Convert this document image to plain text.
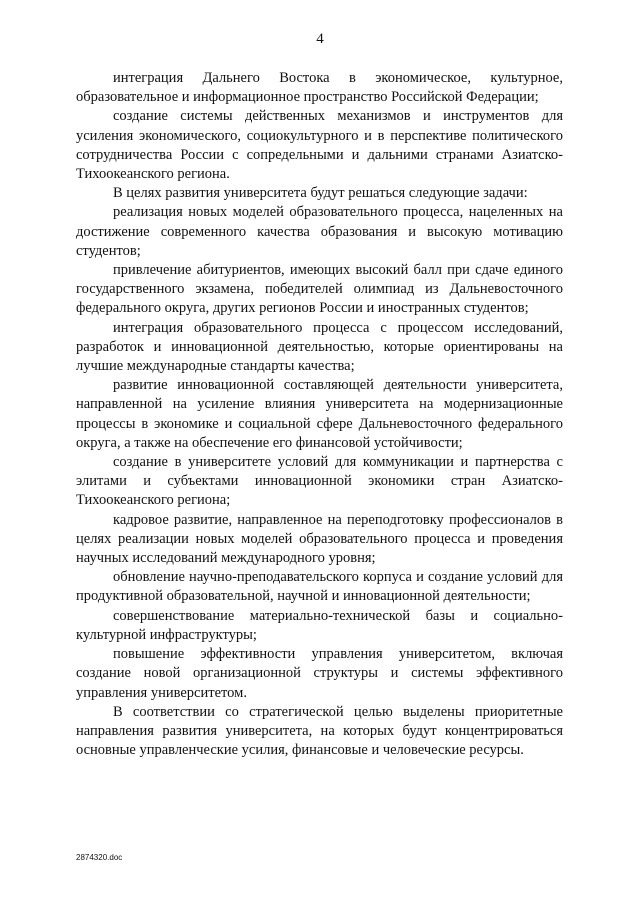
4

интеграция Дальнего Востока в экономическое, культурное, образовательное и информационное пространство Российской Федерации;

создание системы действенных механизмов и инструментов для усиления экономического, социокультурного и в перспективе политического сотрудничества России с сопредельными и дальними странами Азиатско-Тихоокеанского региона.

В целях развития университета будут решаться следующие задачи:

реализация новых моделей образовательного процесса, нацеленных на достижение современного качества образования и высокую мотивацию студентов;

привлечение абитуриентов, имеющих высокий балл при сдаче единого государственного экзамена, победителей олимпиад из Дальневосточного федерального округа, других регионов России и иностранных студентов;

интеграция образовательного процесса с процессом исследований, разработок и инновационной деятельностью, которые ориентированы на лучшие международные стандарты качества;

развитие инновационной составляющей деятельности университета, направленной на усиление влияния университета на модернизационные процессы в экономике и социальной сфере Дальневосточного федерального округа, а также на обеспечение его финансовой устойчивости;

создание в университете условий для коммуникации и партнерства с элитами и субъектами инновационной экономики стран Азиатско-Тихоокеанского региона;

кадровое развитие, направленное на переподготовку профессионалов в целях реализации новых моделей образовательного процесса и проведения научных исследований международного уровня;

обновление научно-преподавательского корпуса и создание условий для продуктивной образовательной, научной и инновационной деятельности;

совершенствование материально-технической базы и социально-культурной инфраструктуры;

повышение эффективности управления университетом, включая создание новой организационной структуры и системы эффективного управления университетом.

В соответствии со стратегической целью выделены приоритетные направления развития университета, на которых будут концентрироваться основные управленческие усилия, финансовые и человеческие ресурсы.

2874320.doc
